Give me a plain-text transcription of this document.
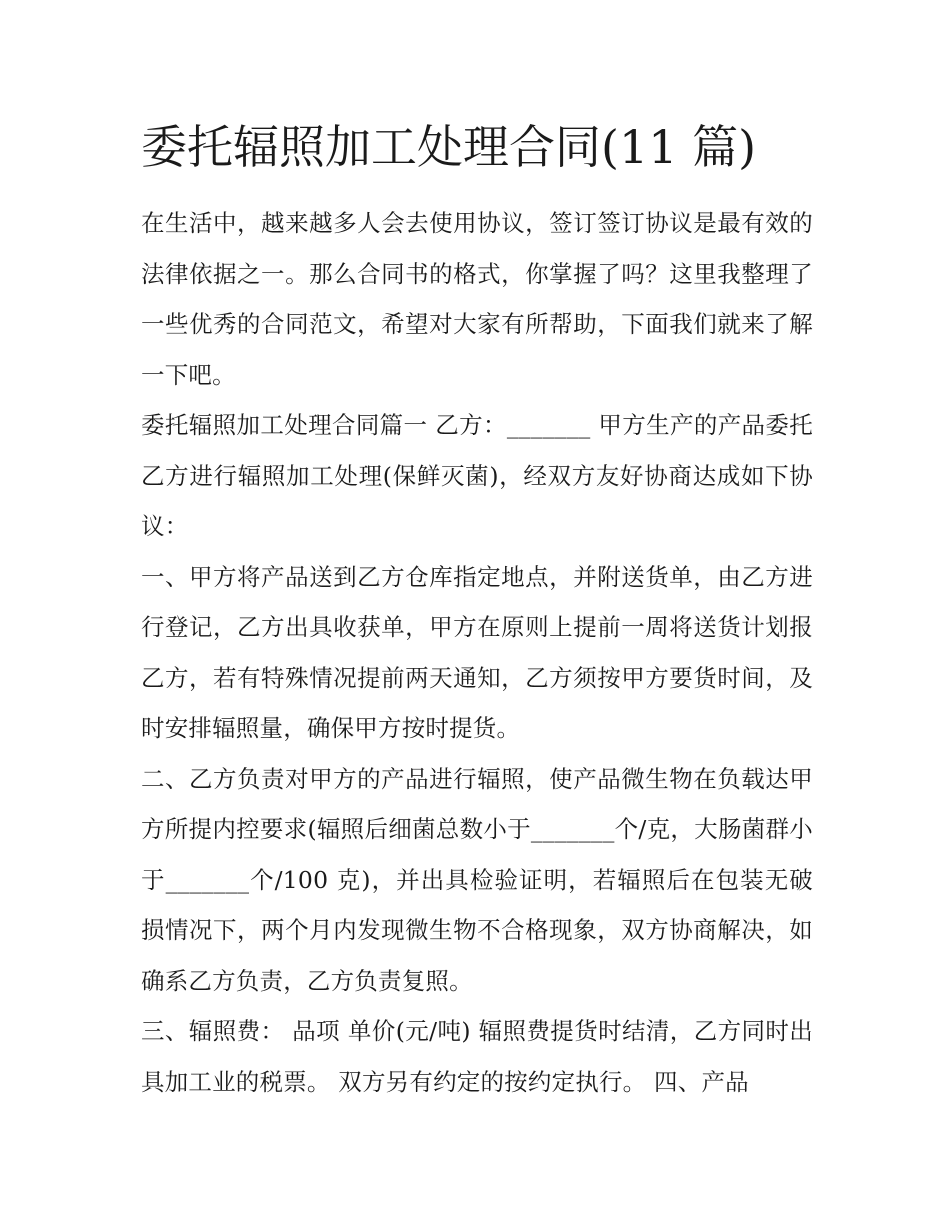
委托辐照加工处理合同(11 篇)

在生活中，越来越多人会去使用协议，签订签订协议是最有效的法律依据之一。那么合同书的格式，你掌握了吗？这里我整理了一些优秀的合同范文，希望对大家有所帮助，下面我们就来了解一下吧。

委托辐照加工处理合同篇一 乙方：_______ 甲方生产的产品委托乙方进行辐照加工处理(保鲜灭菌)，经双方友好协商达成如下协议：

一、甲方将产品送到乙方仓库指定地点，并附送货单，由乙方进行登记，乙方出具收获单，甲方在原则上提前一周将送货计划报乙方，若有特殊情况提前两天通知，乙方须按甲方要货时间，及时安排辐照量，确保甲方按时提货。

二、乙方负责对甲方的产品进行辐照，使产品微生物在负载达甲方所提内控要求(辐照后细菌总数小于_______个/克，大肠菌群小于_______个/100 克)，并出具检验证明，若辐照后在包装无破损情况下，两个月内发现微生物不合格现象，双方协商解决，如确系乙方负责，乙方负责复照。

三、辐照费： 品项 单价(元/吨) 辐照费提货时结清，乙方同时出具加工业的税票。 双方另有约定的按约定执行。 四、产品
